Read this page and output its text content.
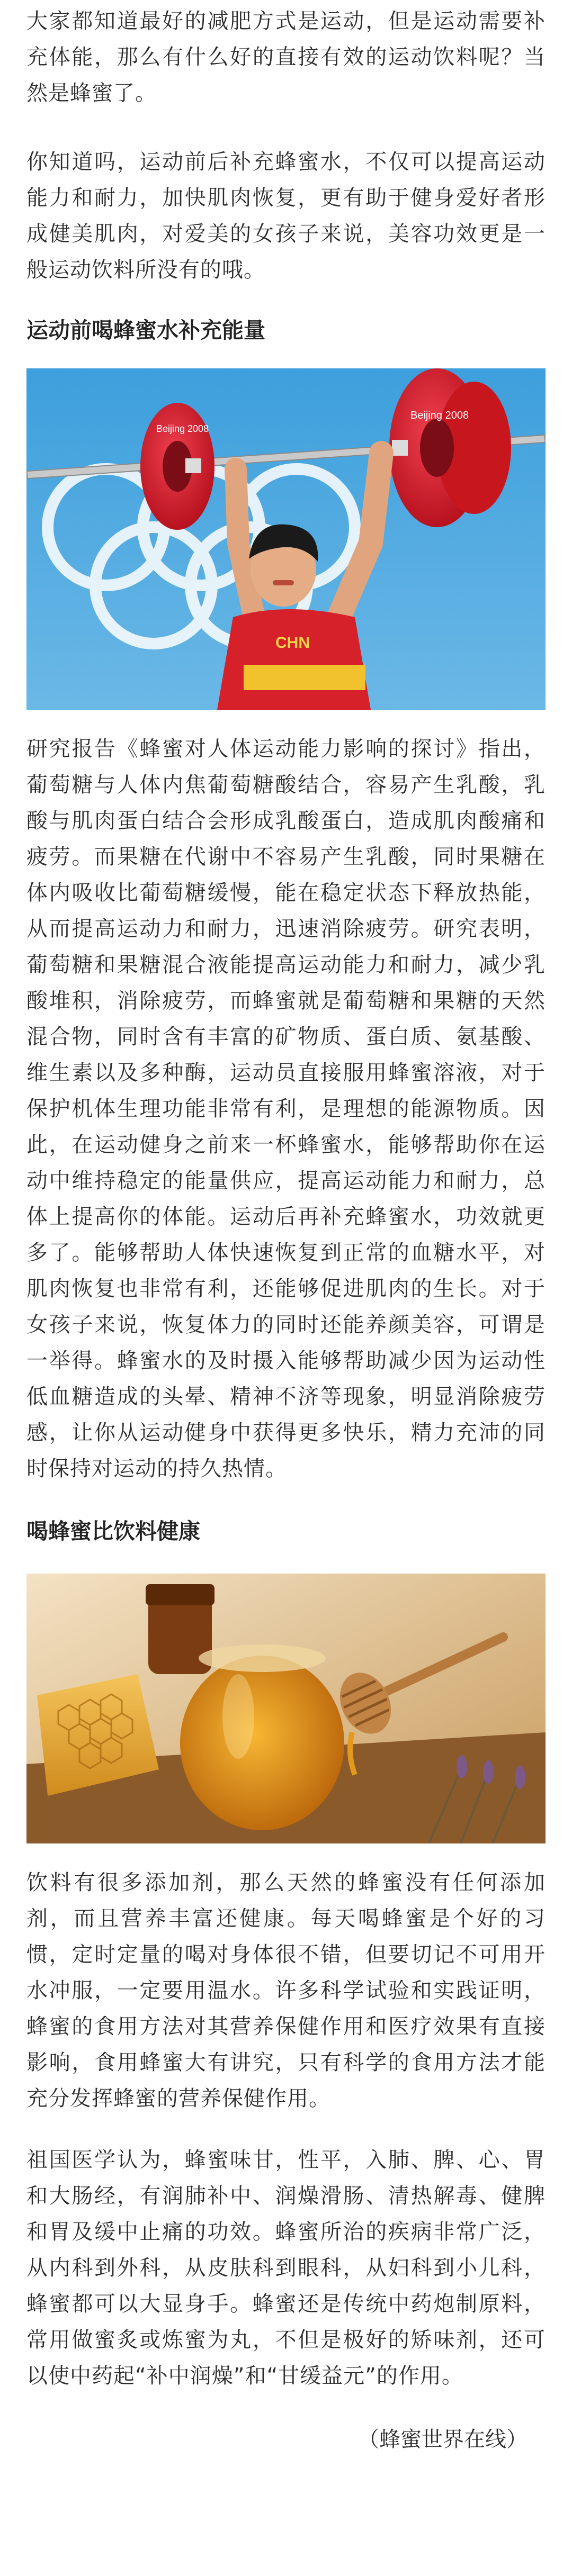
大家都知道最好的减肥方式是运动，但是运动需要补充体能，那么有什么好的直接有效的运动饮料呢？当然是蜂蜜了。

你知道吗，运动前后补充蜂蜜水，不仅可以提高运动能力和耐力，加快肌肉恢复，更有助于健身爱好者形成健美肌肉，对爱美的女孩子来说，美容功效更是一般运动饮料所没有的哦。

运动前喝蜂蜜水补充能量
Beijing 2008
Beijing 2008
CHN

研究报告《蜂蜜对人体运动能力影响的探讨》指出，葡萄糖与人体内焦葡萄糖酸结合，容易产生乳酸，乳酸与肌肉蛋白结合会形成乳酸蛋白，造成肌肉酸痛和疲劳。而果糖在代谢中不容易产生乳酸，同时果糖在体内吸收比葡萄糖缓慢，能在稳定状态下释放热能，从而提高运动力和耐力，迅速消除疲劳。研究表明，葡萄糖和果糖混合液能提高运动能力和耐力，减少乳酸堆积，消除疲劳，而蜂蜜就是葡萄糖和果糖的天然混合物，同时含有丰富的矿物质、蛋白质、氨基酸、维生素以及多种酶，运动员直接服用蜂蜜溶液，对于保护机体生理功能非常有利，是理想的能源物质。因此，在运动健身之前来一杯蜂蜜水，能够帮助你在运动中维持稳定的能量供应，提高运动能力和耐力，总体上提高你的体能。运动后再补充蜂蜜水，功效就更多了。能够帮助人体快速恢复到正常的血糖水平，对肌肉恢复也非常有利，还能够促进肌肉的生长。对于女孩子来说，恢复体力的同时还能养颜美容，可谓是一举得。蜂蜜水的及时摄入能够帮助减少因为运动性低血糖造成的头晕、精神不济等现象，明显消除疲劳感，让你从运动健身中获得更多快乐，精力充沛的同时保持对运动的持久热情。

喝蜂蜜比饮料健康

饮料有很多添加剂，那么天然的蜂蜜没有任何添加剂，而且营养丰富还健康。每天喝蜂蜜是个好的习惯，定时定量的喝对身体很不错，但要切记不可用开水冲服，一定要用温水。许多科学试验和实践证明，蜂蜜的食用方法对其营养保健作用和医疗效果有直接影响，食用蜂蜜大有讲究，只有科学的食用方法才能充分发挥蜂蜜的营养保健作用。

祖国医学认为，蜂蜜味甘，性平，入肺、脾、心、胃和大肠经，有润肺补中、润燥滑肠、清热解毒、健脾和胃及缓中止痛的功效。蜂蜜所治的疾病非常广泛，从内科到外科，从皮肤科到眼科，从妇科到小儿科，蜂蜜都可以大显身手。蜂蜜还是传统中药炮制原料，常用做蜜炙或炼蜜为丸，不但是极好的矫味剂，还可以使中药起“补中润燥”和“甘缓益元”的作用。

（蜂蜜世界在线）
